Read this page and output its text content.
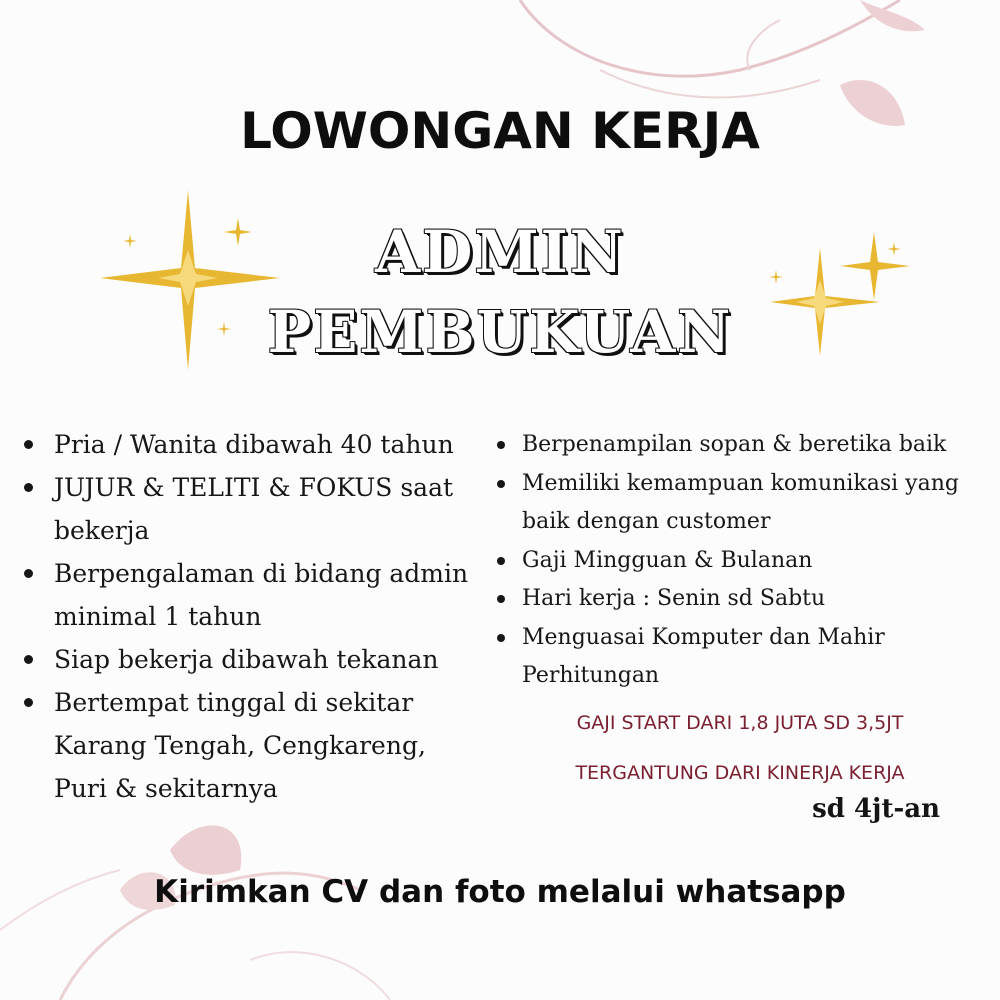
LOWONGAN KERJA
ADMIN
PEMBUKUAN
Pria / Wanita dibawah 40 tahun
JUJUR & TELITI & FOKUS saat bekerja
Berpengalaman di bidang admin minimal 1 tahun
Siap bekerja dibawah tekanan
Bertempat tinggal di sekitar Karang Tengah, Cengkareng, Puri & sekitarnya
Berpenampilan sopan & beretika baik
Memiliki kemampuan komunikasi yang baik dengan customer
Gaji Mingguan & Bulanan
Hari kerja : Senin sd Sabtu
Menguasai Komputer dan Mahir Perhitungan
GAJI START DARI 1,8 JUTA SD 3,5JT
TERGANTUNG DARI KINERJA KERJA
sd 4jt-an
Kirimkan CV dan foto melalui whatsapp
